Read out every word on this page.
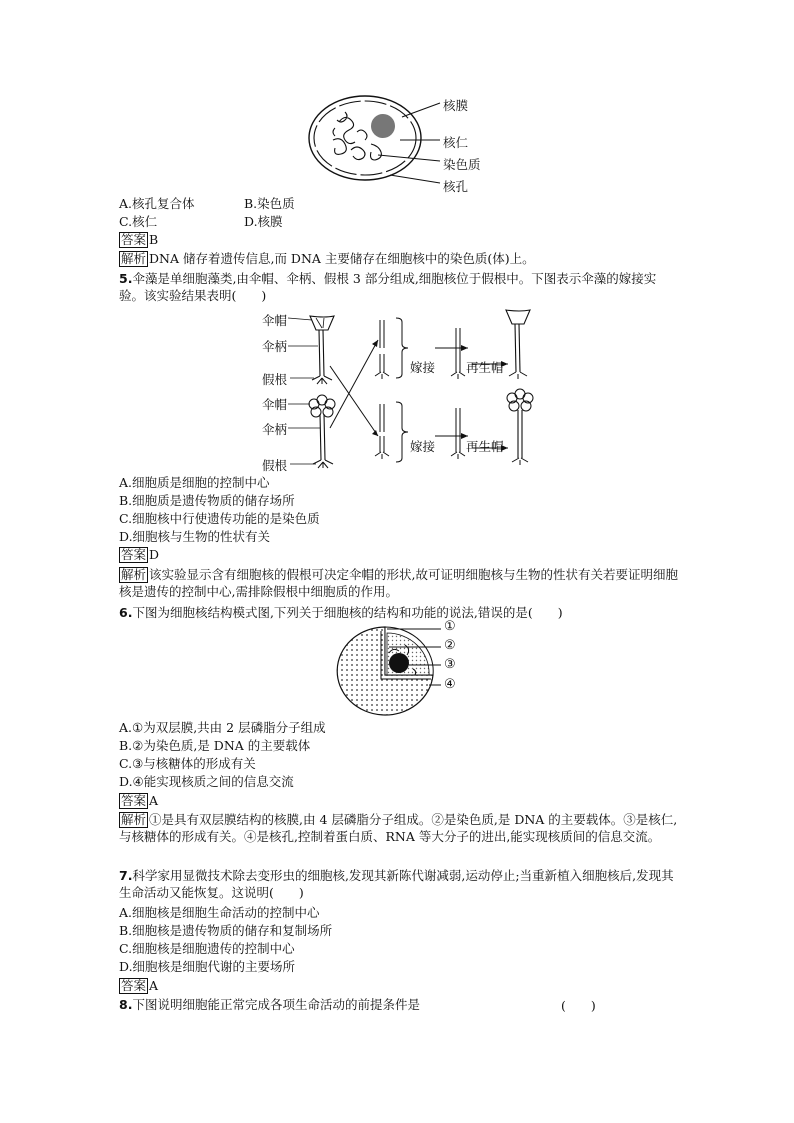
核膜
核仁
染色质
核孔
A.核孔复合体	B.染色质
C.核仁	D.核膜
答案 B
解析 DNA 储存着遗传信息,而 DNA 主要储存在细胞核中的染色质(体)上。
5.伞藻是单细胞藻类,由伞帽、伞柄、假根 3 部分组成,细胞核位于假根中。下图表示伞藻的嫁接实验。该实验结果表明(　　)
伞帽
伞柄
假根
伞帽
伞柄
假根
嫁接 再生帽
嫁接 再生帽
A.细胞质是细胞的控制中心
B.细胞质是遗传物质的储存场所
C.细胞核中行使遗传功能的是染色质
D.细胞核与生物的性状有关
答案 D
解析 该实验显示含有细胞核的假根可决定伞帽的形状,故可证明细胞核与生物的性状有关若要证明细胞核是遗传的控制中心,需排除假根中细胞质的作用。
6.下图为细胞核结构模式图,下列关于细胞核的结构和功能的说法,错误的是(　　)
①
②
③
④
A.①为双层膜,共由 2 层磷脂分子组成
B.②为染色质,是 DNA 的主要载体
C.③与核糖体的形成有关
D.④能实现核质之间的信息交流
答案 A
解析 ①是具有双层膜结构的核膜,由 4 层磷脂分子组成。②是染色质,是 DNA 的主要载体。③是核仁,与核糖体的形成有关。④是核孔,控制着蛋白质、RNA 等大分子的进出,能实现核质间的信息交流。
7.科学家用显微技术除去变形虫的细胞核,发现其新陈代谢减弱,运动停止;当重新植入细胞核后,发现其生命活动又能恢复。这说明(　　)
A.细胞核是细胞生命活动的控制中心
B.细胞核是遗传物质的储存和复制场所
C.细胞核是细胞遗传的控制中心
D.细胞核是细胞代谢的主要场所
答案 A
8.下图说明细胞能正常完成各项生命活动的前提条件是	(　　)
